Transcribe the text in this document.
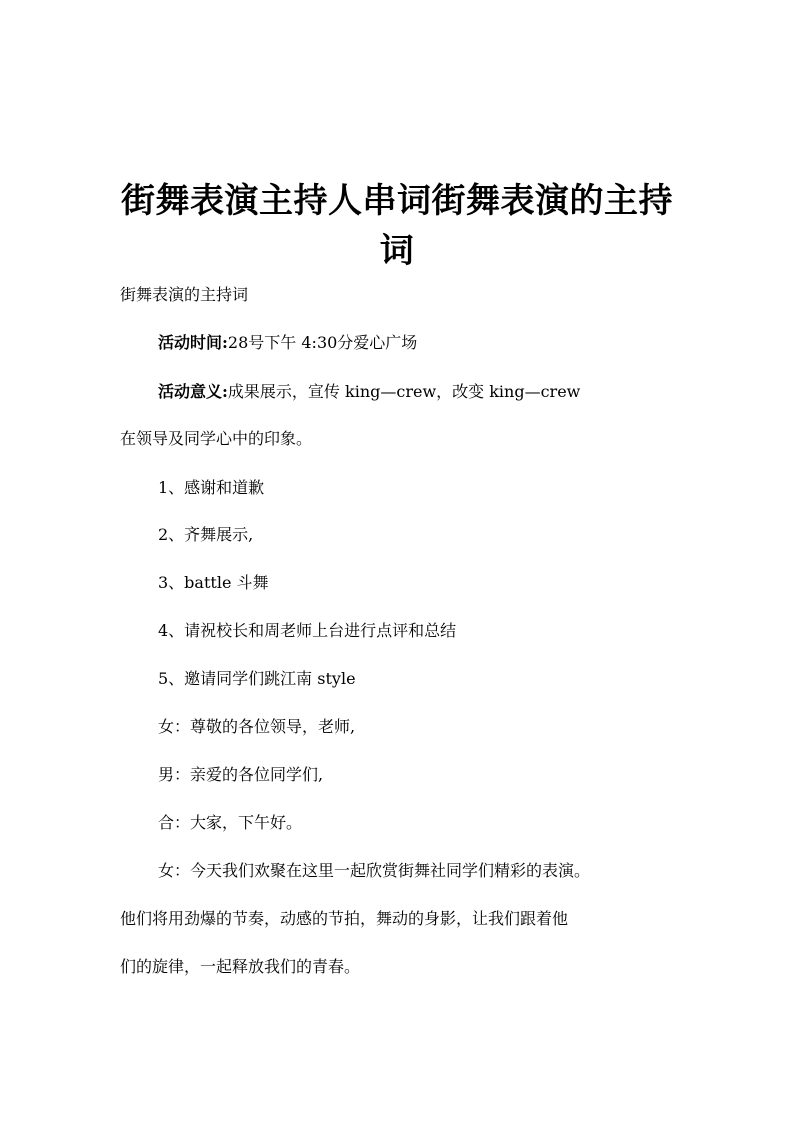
街舞表演主持人串词街舞表演的主持词

街舞表演的主持词

活动时间:28号下午 4:30分爱心广场

活动意义:成果展示，宣传 king—crew，改变 king—crew

在领导及同学心中的印象。

1、感谢和道歉

2、齐舞展示,

3、battle 斗舞

4、请祝校长和周老师上台进行点评和总结

5、邀请同学们跳江南 style

女：尊敬的各位领导，老师,

男：亲爱的各位同学们,

合：大家，下午好。

女：今天我们欢聚在这里一起欣赏街舞社同学们精彩的表演。

他们将用劲爆的节奏，动感的节拍，舞动的身影，让我们跟着他

们的旋律，一起释放我们的青春。
